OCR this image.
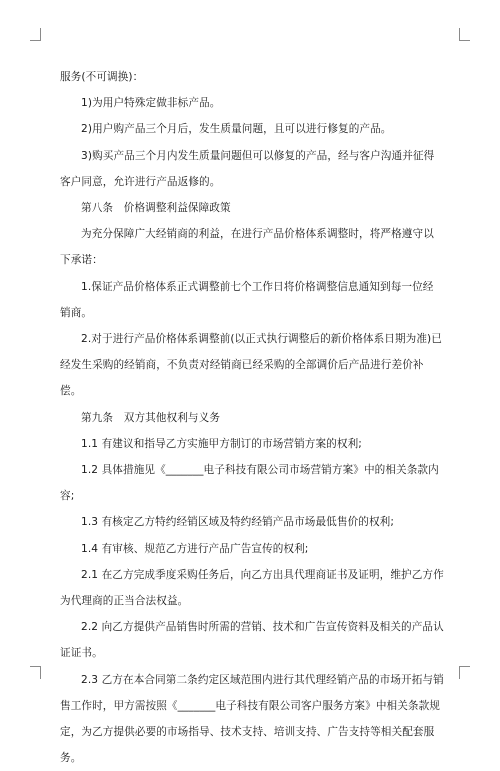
服务(不可调换)：

1)为用户特殊定做非标产品。

2)用户购产品三个月后，发生质量问题，且可以进行修复的产品。

3)购买产品三个月内发生质量问题但可以修复的产品，经与客户沟通并征得客户同意，允许进行产品返修的。

第八条　价格调整利益保障政策

为充分保障广大经销商的利益，在进行产品价格体系调整时，将严格遵守以下承诺：

1.保证产品价格体系正式调整前七个工作日将价格调整信息通知到每一位经销商。

2.对于进行产品价格体系调整前(以正式执行调整后的新价格体系日期为准)已经发生采购的经销商，不负责对经销商已经采购的全部调价后产品进行差价补偿。

第九条　双方其他权利与义务

1.1 有建议和指导乙方实施甲方制订的市场营销方案的权利;

1.2 具体措施见《_______电子科技有限公司市场营销方案》中的相关条款内容;

1.3 有核定乙方特约经销区域及特约经销产品市场最低售价的权利;

1.4 有审核、规范乙方进行产品广告宣传的权利;

2.1 在乙方完成季度采购任务后，向乙方出具代理商证书及证明，维护乙方作为代理商的正当合法权益。

2.2 向乙方提供产品销售时所需的营销、技术和广告宣传资料及相关的产品认证证书。

2.3 乙方在本合同第二条约定区域范围内进行其代理经销产品的市场开拓与销售工作时，甲方需按照《_______电子科技有限公司客户服务方案》中相关条款规定，为乙方提供必要的市场指导、技术支持、培训支持、广告支持等相关配套服务。
